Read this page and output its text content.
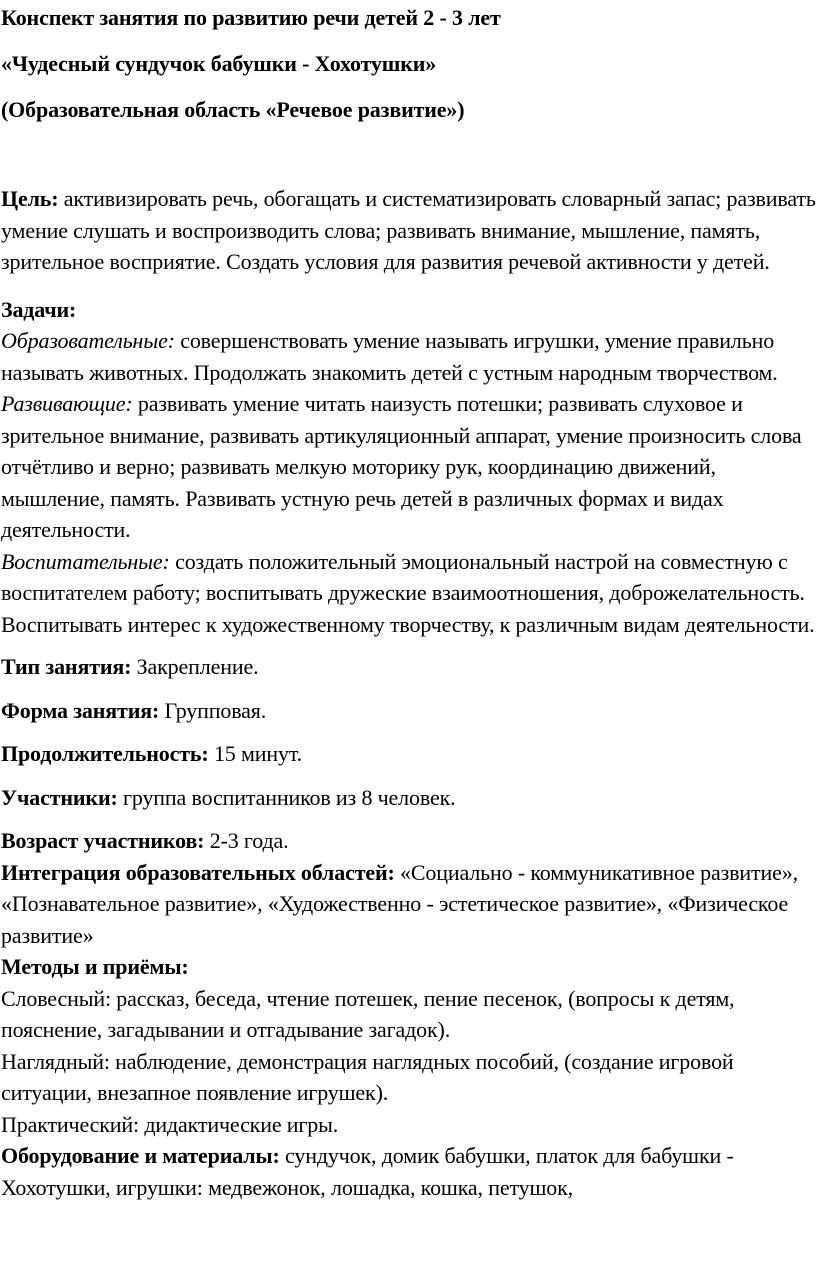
Конспект занятия по развитию речи детей 2 - 3 лет

«Чудесный сундучок бабушки - Хохотушки»

(Образовательная область «Речевое развитие»)

Цель: активизировать речь, обогащать и систематизировать словарный запас; развивать умение слушать и воспроизводить слова; развивать внимание, мышление, память, зрительное восприятие. Создать условия для развития речевой активности у детей.

Задачи:

Образовательные: совершенствовать умение называть игрушки, умение правильно называть животных. Продолжать знакомить детей с устным народным творчеством.

Развивающие: развивать умение читать наизусть потешки; развивать слуховое и зрительное внимание, развивать артикуляционный аппарат, умение произносить слова отчётливо и верно; развивать мелкую моторику рук, координацию движений, мышление, память. Развивать устную речь детей в различных формах и видах деятельности.

Воспитательные: создать положительный эмоциональный настрой на совместную с воспитателем работу; воспитывать дружеские взаимоотношения, доброжелательность. Воспитывать интерес к художественному творчеству, к различным видам деятельности.

Тип занятия: Закрепление.

Форма занятия: Групповая.

Продолжительность: 15 минут.

Участники: группа воспитанников из 8 человек.

Возраст участников: 2-3 года.

Интеграция образовательных областей: «Социально - коммуникативное развитие», «Познавательное развитие», «Художественно - эстетическое развитие», «Физическое развитие»

Методы и приёмы:

Словесный: рассказ, беседа, чтение потешек, пение песенок, (вопросы к детям, пояснение, загадывании и отгадывание загадок).

Наглядный: наблюдение, демонстрация наглядных пособий, (создание игровой ситуации, внезапное появление игрушек).

Практический: дидактические игры.

Оборудование и материалы: сундучок, домик бабушки, платок для бабушки - Хохотушки, игрушки: медвежонок, лошадка, кошка, петушок,
